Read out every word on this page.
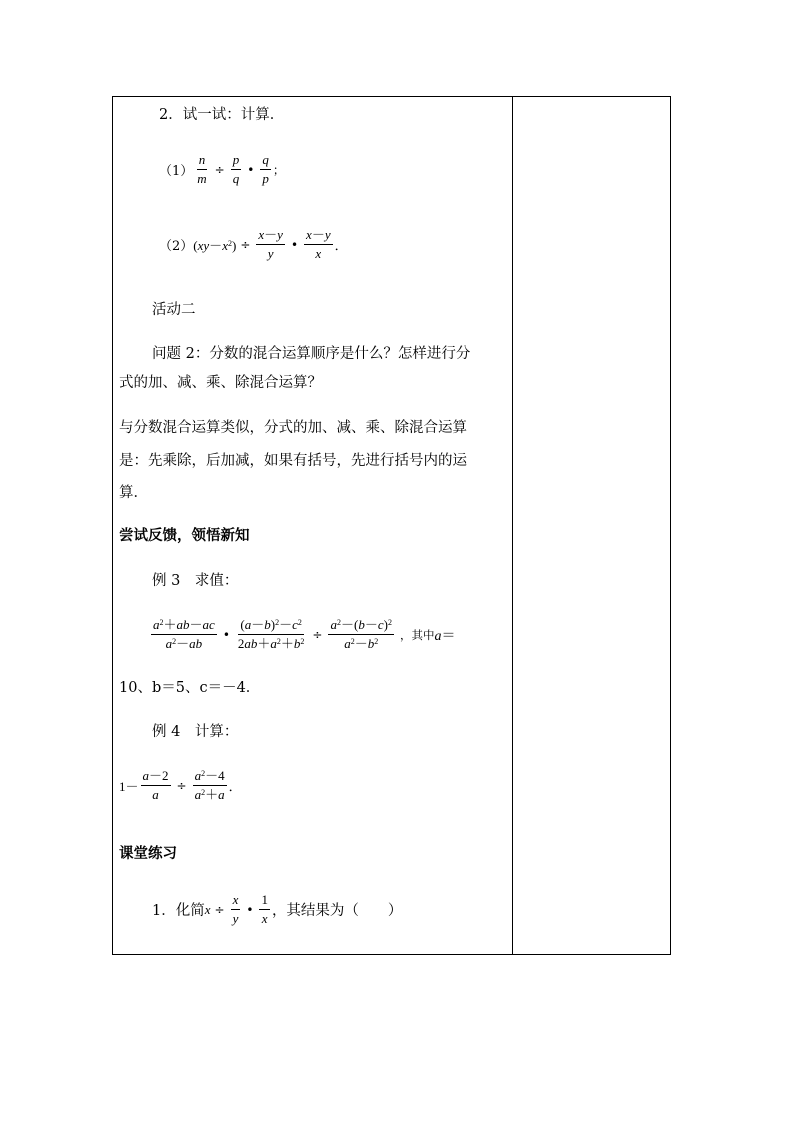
2．试一试：计算．
$(1) \frac{n}{m} \div \frac{p}{q}$ • $\frac{q}{p}$ ；
（2） $(xy-x^2) \div \frac{x-y}{y}$ • $\frac{x-y}{x}$ ．
活动二
问题 2：分数的混合运算顺序是什么？怎样进行分
式的加、减、乘、除混合运算？
与分数混合运算类似，分式的加、减、乘、除混合运算
是：先乘除，后加减，如果有括号，先进行括号内的运
算．
尝试反馈，领悟新知
例 3　求值：
$\frac{a^2+ab-ac}{a^2-ab}$ • $\frac{(a-b)^2-c^2}{2ab+a^2+b^2} \div \frac{a^2-(b-c)^2}{a^2-b^2}$ ，其中 a＝
10、b＝5、c＝－4．
例 4　计算：
$1- \frac{a-2}{a} \div \frac{a^2-4}{a^2+a}$ ．
课堂练习
1．化简 $x \div \frac{x}{y}$ • $\frac{1}{x}$ ，其结果为（　　）
